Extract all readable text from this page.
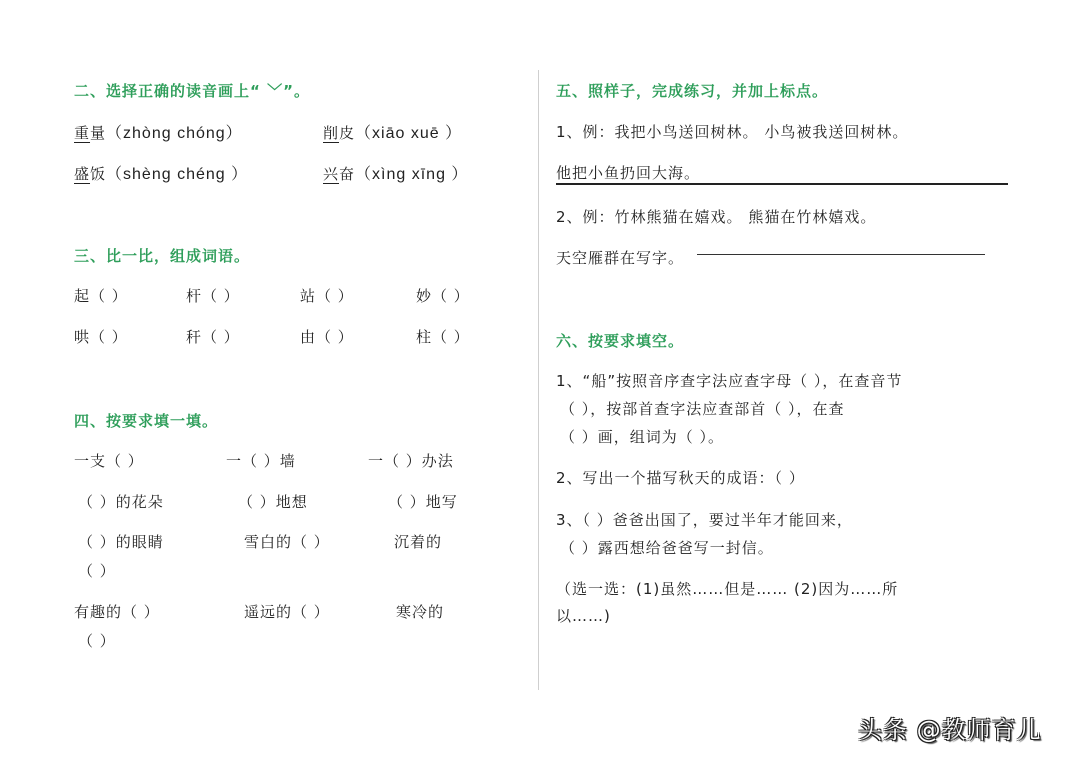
二、选择正确的读音画上“ ﹀”。
重量（zhòng chóng）	削皮（xiāo xuē ）
盛饭（shèng chéng ）	兴奋（xìng xīng ）
三、比一比，组成词语。
起（ ）	杆（ ）	站（ ）	妙（ ）
哄（ ）	秆（ ）	由（ ）	柱（ ）
四、按要求填一填。
一支（ ）	一（ ）墙	一（ ）办法
（ ）的花朵	（ ）地想	（ ）地写
（ ）的眼睛	雪白的（ ）	沉着的
（ ）
有趣的（ ）	遥远的（ ）	寒冷的
（ ）
五、照样子，完成练习，并加上标点。
1、例：我把小鸟送回树林。 小鸟被我送回树林。
他把小鱼扔回大海。
2、例：竹林熊猫在嬉戏。 熊猫在竹林嬉戏。
天空雁群在写字。
六、按要求填空。
1、“船”按照音序查字法应查字母（ ），在查音节
（ ），按部首查字法应查部首（ ），在查
（ ）画，组词为（ ）。
2、写出一个描写秋天的成语：（ ）
3、（ ）爸爸出国了，要过半年才能回来，
（ ）露西想给爸爸写一封信。
（选一选：(1)虽然……但是…… (2)因为……所
以……)
头条 @教师育儿
